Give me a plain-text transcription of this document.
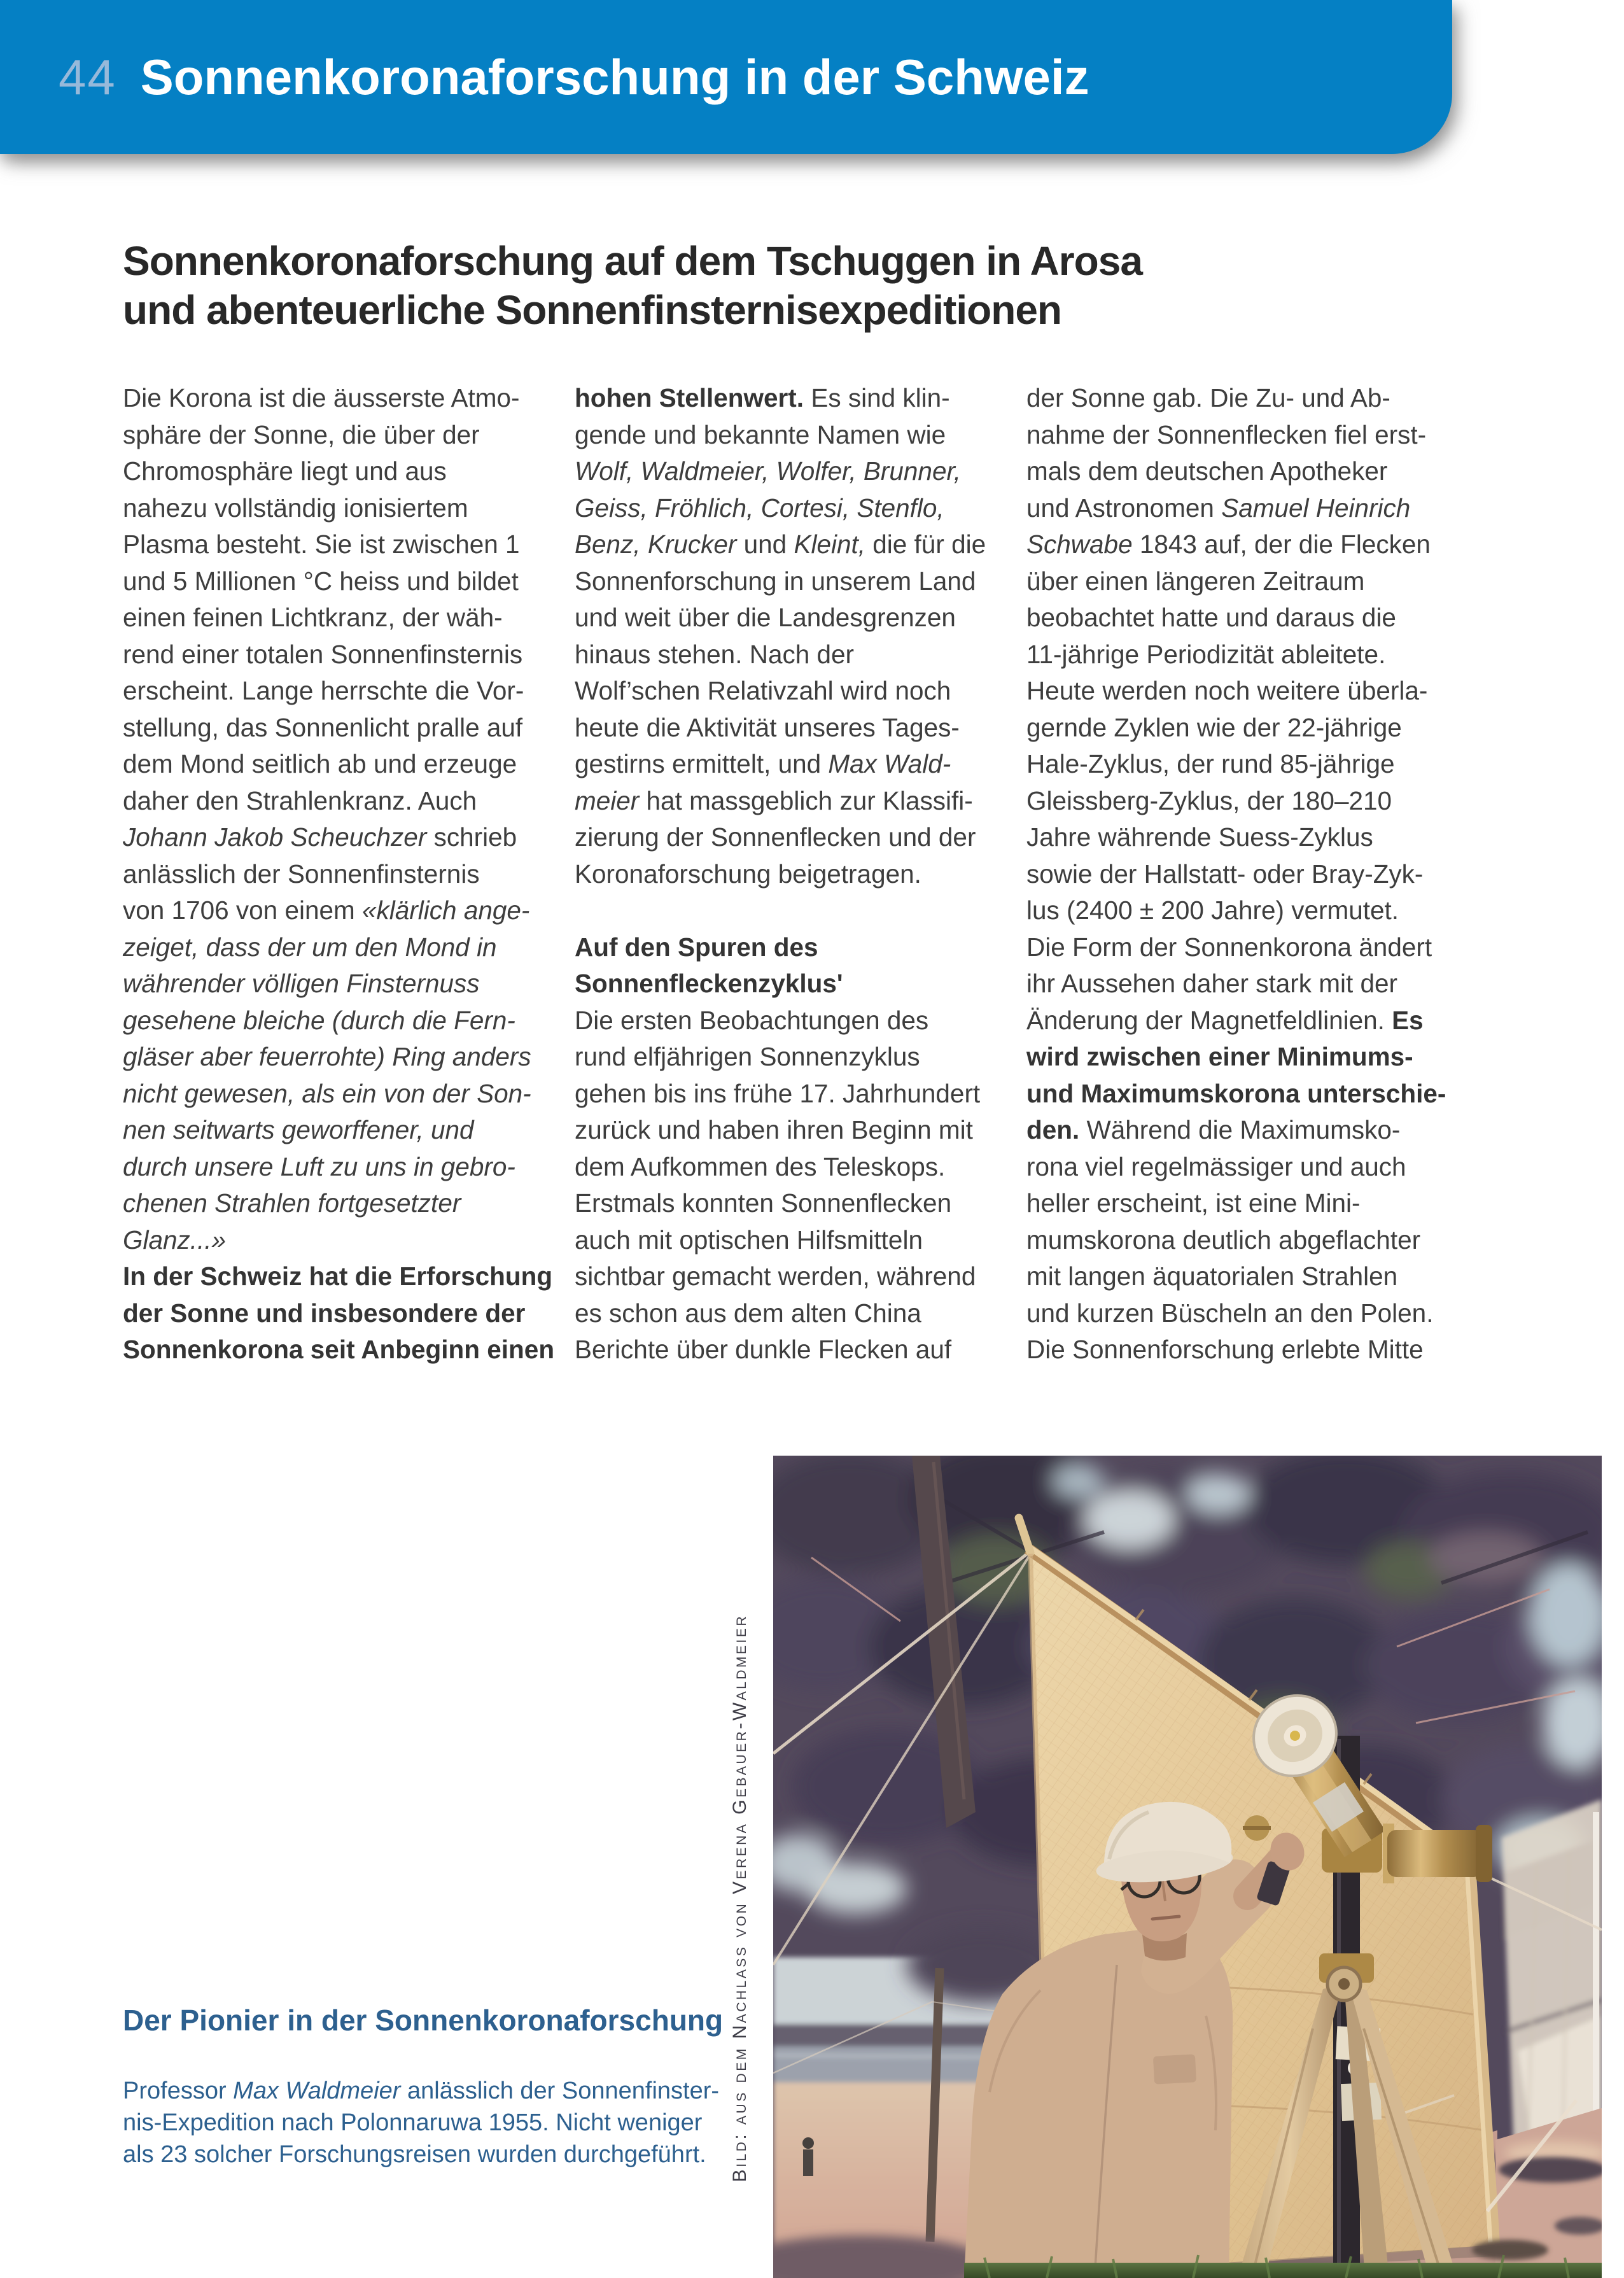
44 Sonnenkoronaforschung in der Schweiz
Sonnenkoronaforschung auf dem Tschuggen in Arosa
und abenteuerliche Sonnenfinsternisexpeditionen
Die Korona ist die äusserste Atmo-
sphäre der Sonne, die über der
Chromosphäre liegt und aus
nahezu vollständig ionisiertem
Plasma besteht. Sie ist zwischen 1
und 5 Millionen °C heiss und bildet
einen feinen Lichtkranz, der wäh-
rend einer totalen Sonnenfinsternis
erscheint. Lange herrschte die Vor-
stellung, das Sonnenlicht pralle auf
dem Mond seitlich ab und erzeuge
daher den Strahlenkranz. Auch
Johann Jakob Scheuchzer schrieb
anlässlich der Sonnenfinsternis
von 1706 von einem «klärlich ange-
zeiget, dass der um den Mond in
währender völligen Finsternuss
gesehene bleiche (durch die Fern-
gläser aber feuerrohte) Ring anders
nicht gewesen, als ein von der Son-
nen seitwarts geworffener, und
durch unsere Luft zu uns in gebro-
chenen Strahlen fortgesetzter
Glanz...»
In der Schweiz hat die Erforschung
der Sonne und insbesondere der
Sonnenkorona seit Anbeginn einen
hohen Stellenwert. Es sind klin-
gende und bekannte Namen wie
Wolf, Waldmeier, Wolfer, Brunner,
Geiss, Fröhlich, Cortesi, Stenflo,
Benz, Krucker und Kleint, die für die
Sonnenforschung in unserem Land
und weit über die Landesgrenzen
hinaus stehen. Nach der
Wolf’schen Relativzahl wird noch
heute die Aktivität unseres Tages-
gestirns ermittelt, und Max Wald-
meier hat massgeblich zur Klassifi-
zierung der Sonnenflecken und der
Koronaforschung beigetragen.

Auf den Spuren des
Sonnenfleckenzyklus'
Die ersten Beobachtungen des
rund elfjährigen Sonnenzyklus
gehen bis ins frühe 17. Jahrhundert
zurück und haben ihren Beginn mit
dem Aufkommen des Teleskops.
Erstmals konnten Sonnenflecken
auch mit optischen Hilfsmitteln
sichtbar gemacht werden, während
es schon aus dem alten China
Berichte über dunkle Flecken auf
der Sonne gab. Die Zu- und Ab-
nahme der Sonnenflecken fiel erst-
mals dem deutschen Apotheker
und Astronomen Samuel Heinrich
Schwabe 1843 auf, der die Flecken
über einen längeren Zeitraum
beobachtet hatte und daraus die
11-jährige Periodizität ableitete.
Heute werden noch weitere überla-
gernde Zyklen wie der 22-jährige
Hale-Zyklus, der rund 85-jährige
Gleissberg-Zyklus, der 180–210
Jahre währende Suess-Zyklus
sowie der Hallstatt- oder Bray-Zyk-
lus (2400 ± 200 Jahre) vermutet.
Die Form der Sonnenkorona ändert
ihr Aussehen daher stark mit der
Änderung der Magnetfeldlinien. Es
wird zwischen einer Minimums-
und Maximumskorona unterschie-
den. Während die Maximumsko-
rona viel regelmässiger und auch
heller erscheint, ist eine Mini-
mumskorona deutlich abgeflachter
mit langen äquatorialen Strahlen
und kurzen Büscheln an den Polen.
Die Sonnenforschung erlebte Mitte
Der Pionier in der Sonnenkoronaforschung
Professor Max Waldmeier anlässlich der Sonnenfinster-
nis-Expedition nach Polonnaruwa 1955. Nicht weniger
als 23 solcher Forschungsreisen wurden durchgeführt.	Bild: aus dem Nachlass von Verena Gebauer-Waldmeier
